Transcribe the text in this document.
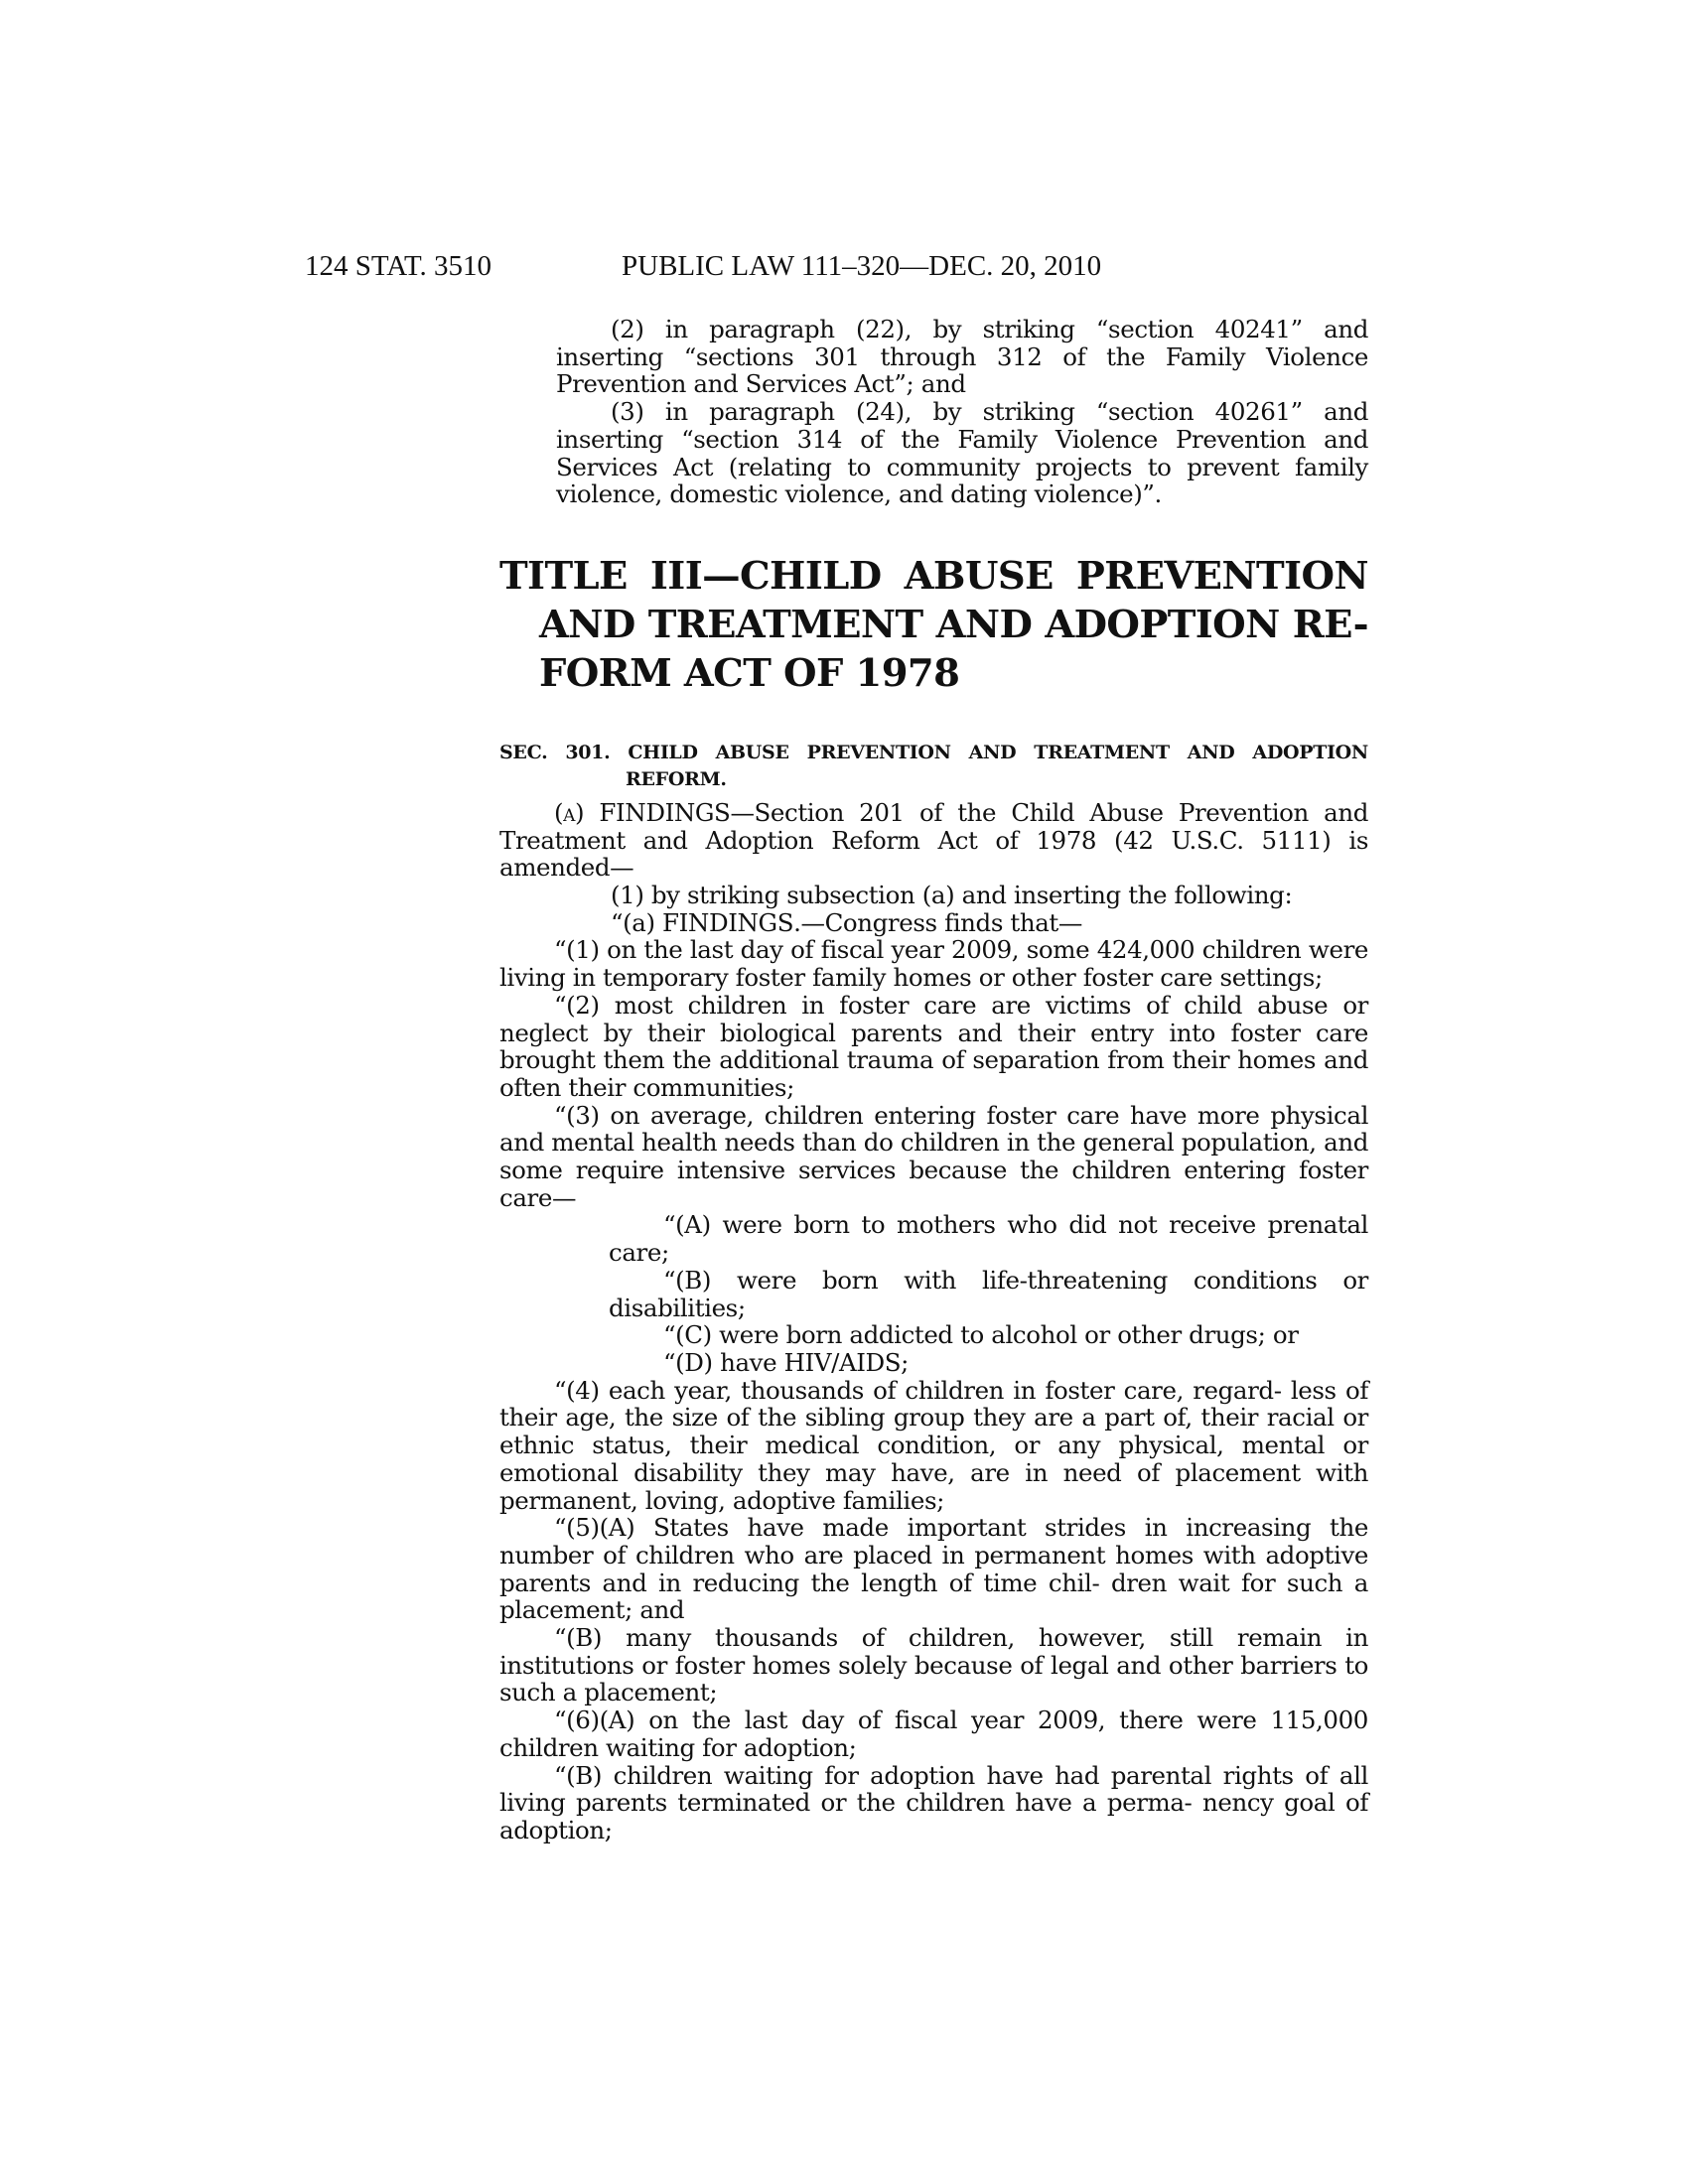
124 STAT. 3510	PUBLIC LAW 111–320—DEC. 20, 2010

(2) in paragraph (22), by striking “section 40241” and inserting “sections 301 through 312 of the Family Violence Prevention and Services Act”; and

(3) in paragraph (24), by striking “section 40261” and inserting “section 314 of the Family Violence Prevention and Services Act (relating to community projects to prevent family violence, domestic violence, and dating violence)”.

TITLE III—CHILD ABUSE PREVENTION AND TREATMENT AND ADOPTION RE- FORM ACT OF 1978
SEC. 301. CHILD ABUSE PREVENTION AND TREATMENT AND ADOPTION REFORM.

(a) FINDINGS—Section 201 of the Child Abuse Prevention and Treatment and Adoption Reform Act of 1978 (42 U.S.C. 5111) is amended—

(1) by striking subsection (a) and inserting the following:

“(a) FINDINGS.—Congress finds that—

“(1) on the last day of fiscal year 2009, some 424,000 children were living in temporary foster family homes or other foster care settings;

“(2) most children in foster care are victims of child abuse or neglect by their biological parents and their entry into foster care brought them the additional trauma of separation from their homes and often their communities;

“(3) on average, children entering foster care have more physical and mental health needs than do children in the general population, and some require intensive services because the children entering foster care—

“(A) were born to mothers who did not receive prenatal care;

“(B) were born with life-threatening conditions or disabilities;

“(C) were born addicted to alcohol or other drugs; or

“(D) have HIV/AIDS;

“(4) each year, thousands of children in foster care, regard- less of their age, the size of the sibling group they are a part of, their racial or ethnic status, their medical condition, or any physical, mental or emotional disability they may have, are in need of placement with permanent, loving, adoptive families;

“(5)(A) States have made important strides in increasing the number of children who are placed in permanent homes with adoptive parents and in reducing the length of time chil- dren wait for such a placement; and

“(B) many thousands of children, however, still remain in institutions or foster homes solely because of legal and other barriers to such a placement;

“(6)(A) on the last day of fiscal year 2009, there were 115,000 children waiting for adoption;

“(B) children waiting for adoption have had parental rights of all living parents terminated or the children have a perma- nency goal of adoption;
